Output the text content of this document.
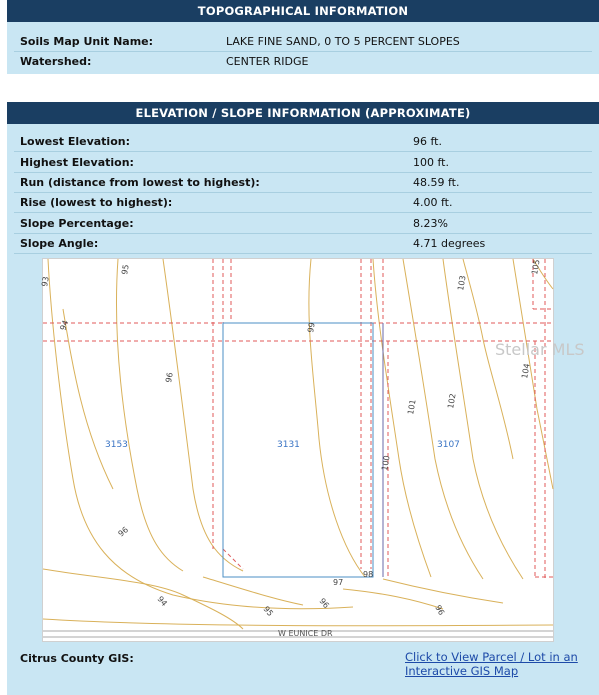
TOPOGRAPHICAL INFORMATION
Soils Map Unit Name:	LAKE FINE SAND, 0 TO 5 PERCENT SLOPES
Watershed:	CENTER RIDGE
ELEVATION / SLOPE INFORMATION (APPROXIMATE)
Lowest Elevation:	96 ft.
Highest Elevation:	100 ft.
Run (distance from lowest to highest):	48.59 ft.
Rise (lowest to highest):	4.00 ft.
Slope Percentage:	8.23%
Slope Angle:	4.71 degrees
Citrus County GIS:	Click to View Parcel / Lot in an
Interactive GIS Map
W EUNICE DR
3153	3131	3107
93
95
94
96
99
101	102
103
104
105
100
96
97
98
94
95
96
96
Stellar MLS
